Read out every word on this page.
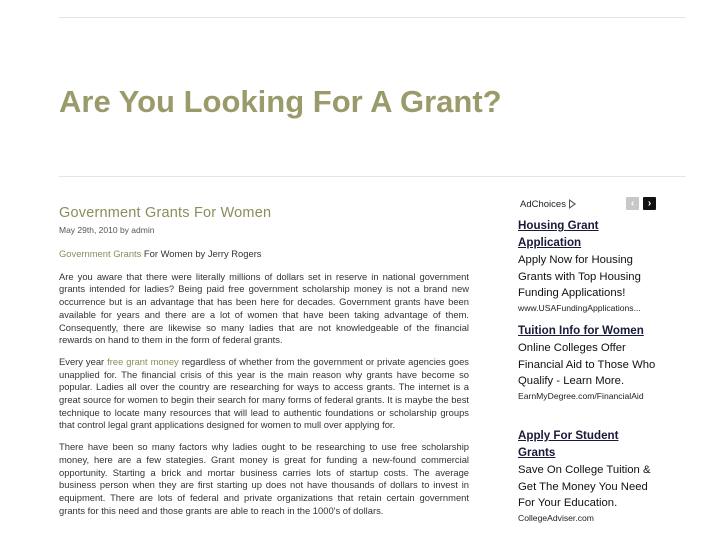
Are You Looking For A Grant?
Government Grants For Women
May 29th, 2010 by admin

Government Grants For Women by Jerry Rogers

Are you aware that there were literally millions of dollars set in reserve in national government grants intended for ladies? Being paid free government scholarship money is not a brand new occurrence but is an advantage that has been here for decades. Government grants have been available for years and there are a lot of women that have been taking advantage of them. Consequently, there are likewise so many ladies that are not knowledgeable of the financial rewards on hand to them in the form of federal grants.

Every year free grant money regardless of whether from the government or private agencies goes unapplied for. The financial crisis of this year is the main reason why grants have become so popular. Ladies all over the country are researching for ways to access grants. The internet is a great source for women to begin their search for many forms of federal grants. It is maybe the best technique to locate many resources that will lead to authentic foundations or scholarship groups that control legal grant applications designed for women to mull over applying for.

There have been so many factors why ladies ought to be researching to use free scholarship money, here are a few stategies. Grant money is great for funding a new-found commercial opportunity. Starting a brick and mortar business carries lots of startup costs. The average business person when they are first starting up does not have thousands of dollars to invest in equipment. There are lots of federal and private organizations that retain certain government grants for this need and those grants are able to reach in the 1000's of dollars.

AdChoices	‹	›
Housing Grant Application
Apply Now for Housing Grants with Top Housing Funding Applications!
www.USAFundingApplications...
Tuition Info for Women
Online Colleges Offer Financial Aid to Those Who Qualify - Learn More.
EarnMyDegree.com/FinancialAid
Apply For Student Grants
Save On College Tuition & Get The Money You Need For Your Education.
CollegeAdviser.com
